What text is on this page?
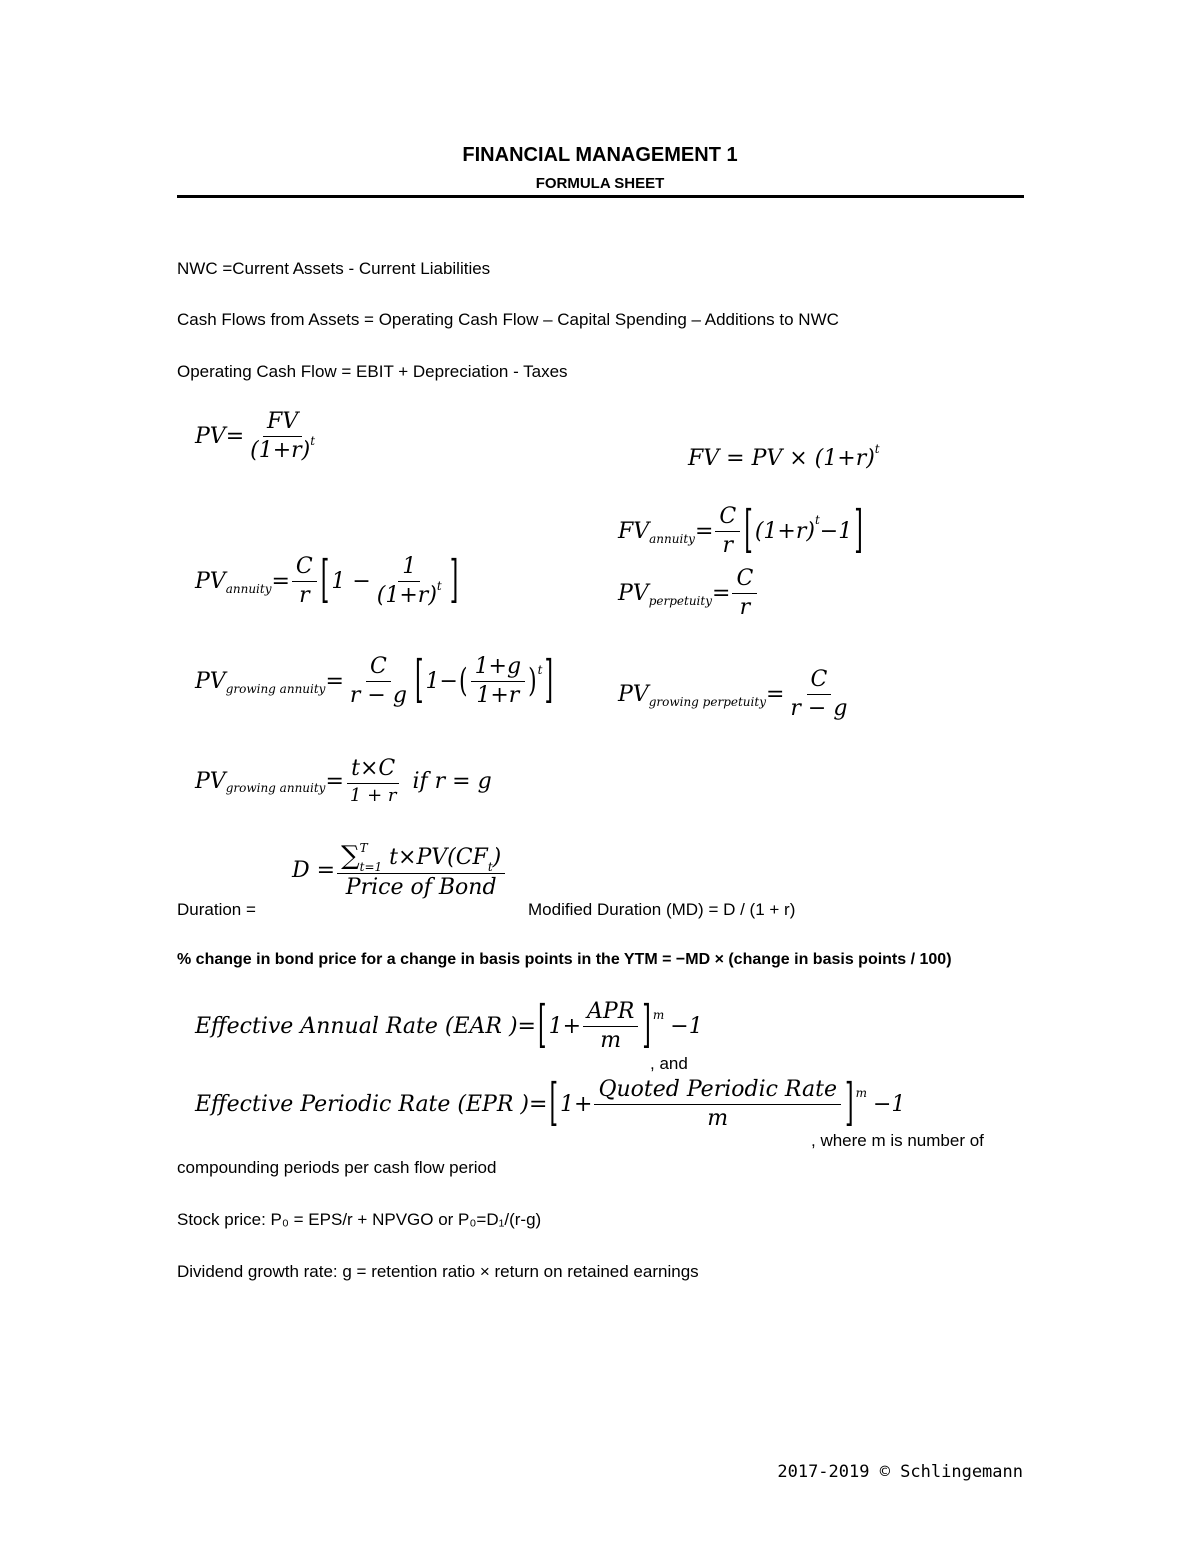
FINANCIAL MANAGEMENT 1
FORMULA SHEET
NWC =Current Assets - Current Liabilities
Cash Flows from Assets = Operating Cash Flow – Capital Spending – Additions to NWC
Operating Cash Flow = EBIT + Depreciation - Taxes
PV = $\frac{FV}{(1+r)^t}$	FV = PV × $(1+r)^t$
FV annuity = $\frac{C}{r}$ [ (1+r) t −1 ]
PV annuity = $\frac{C}{r}$ [ $1 - \frac{1}{(1+r)^t}$ ]	PV perpetuity = $\frac{C}{r}$
PV growing annuity = $\frac{C}{r - g}$ [ 1 − ( $\frac{1+g}{1+r}$ ) t ]	PV growing perpetuity = $\frac{C}{r - g}$
PV growing annuity = $\frac{t\times C}{1 + r}$ if r = g
Duration =
$D = \frac{\sum^T_{t=1} t\times PV(CF_t)}{\text{Price of Bond}}$
Modified Duration (MD) = D / (1 + r)
% change in bond price for a change in basis points in the YTM = −MD × (change in basis points / 100)
Effective Annual Rate (EAR )= [ $1+ \frac{\text{APR}}{m}$ ] m −1
, and
Effective Periodic Rate (EPR )= [ $1+ \frac{\text{Quoted Periodic Rate}}{m}$ ] m −1
, where m is number of
compounding periods per cash flow period
Stock price: P₀ = EPS/r + NPVGO or P₀=D₁/(r-g)
Dividend growth rate: g = retention ratio × return on retained earnings
2017-2019 © Schlingemann
